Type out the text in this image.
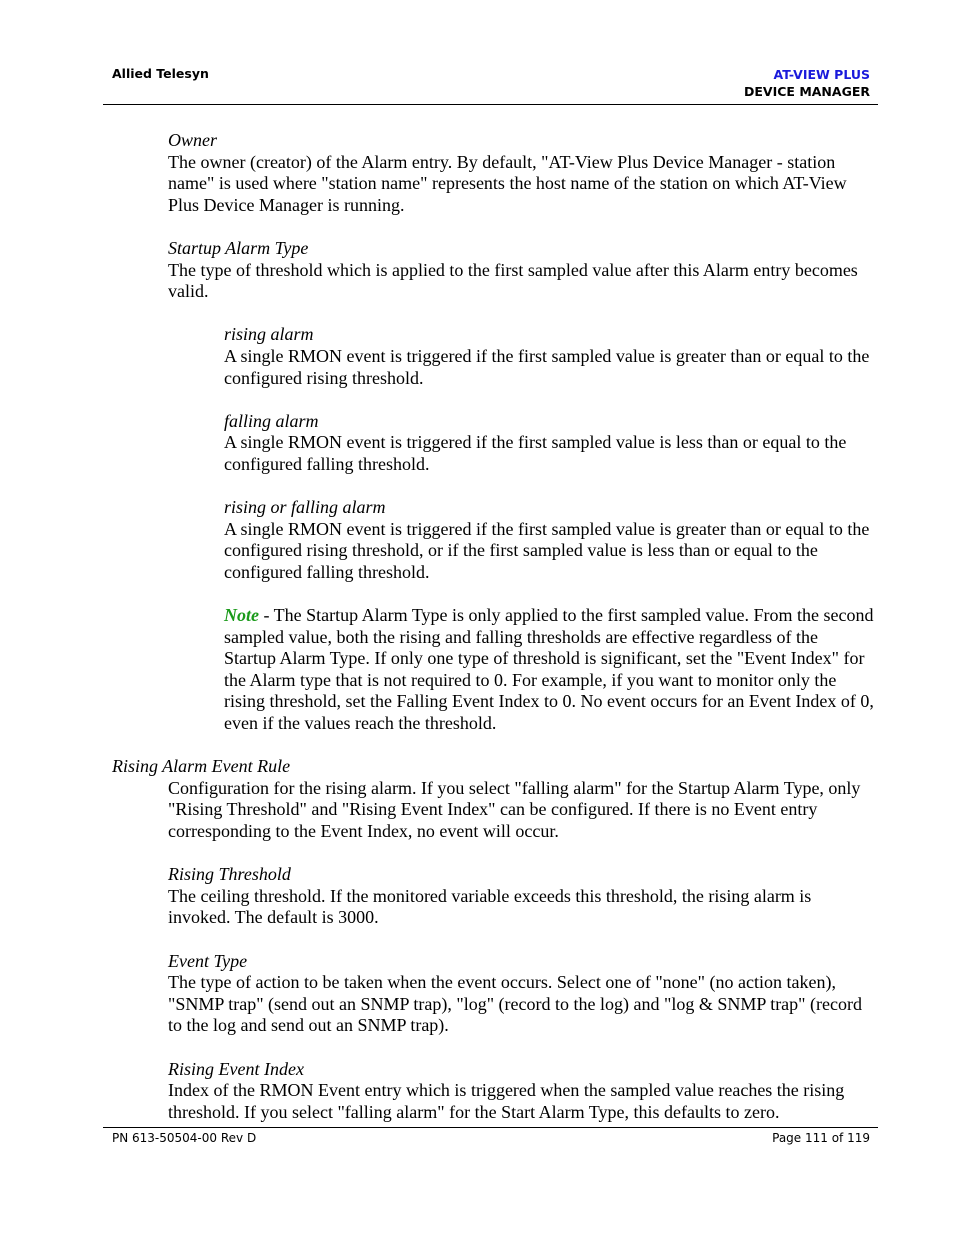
Allied Telesyn	AT-VIEW PLUS
DEVICE MANAGER

Owner

The owner (creator) of the Alarm entry. By default, "AT-View Plus Device Manager - station name" is used where "station name" represents the host name of the station on which AT-View Plus Device Manager is running.

Startup Alarm Type

The type of threshold which is applied to the first sampled value after this Alarm entry becomes valid.

rising alarm

A single RMON event is triggered if the first sampled value is greater than or equal to the configured rising threshold.

falling alarm

A single RMON event is triggered if the first sampled value is less than or equal to the configured falling threshold.

rising or falling alarm

A single RMON event is triggered if the first sampled value is greater than or equal to the configured rising threshold, or if the first sampled value is less than or equal to the configured falling threshold.

Note - The Startup Alarm Type is only applied to the first sampled value. From the second sampled value, both the rising and falling thresholds are effective regardless of the Startup Alarm Type. If only one type of threshold is significant, set the "Event Index" for the Alarm type that is not required to 0. For example, if you want to monitor only the rising threshold, set the Falling Event Index to 0. No event occurs for an Event Index of 0, even if the values reach the threshold.

Rising Alarm Event Rule

Configuration for the rising alarm. If you select "falling alarm" for the Startup Alarm Type, only "Rising Threshold" and "Rising Event Index" can be configured. If there is no Event entry corresponding to the Event Index, no event will occur.

Rising Threshold

The ceiling threshold. If the monitored variable exceeds this threshold, the rising alarm is invoked. The default is 3000.

Event Type

The type of action to be taken when the event occurs. Select one of "none" (no action taken), "SNMP trap" (send out an SNMP trap), "log" (record to the log) and "log & SNMP trap" (record to the log and send out an SNMP trap).

Rising Event Index

Index of the RMON Event entry which is triggered when the sampled value reaches the rising threshold. If you select "falling alarm" for the Start Alarm Type, this defaults to zero.

PN 613-50504-00 Rev D	Page 111 of 119
